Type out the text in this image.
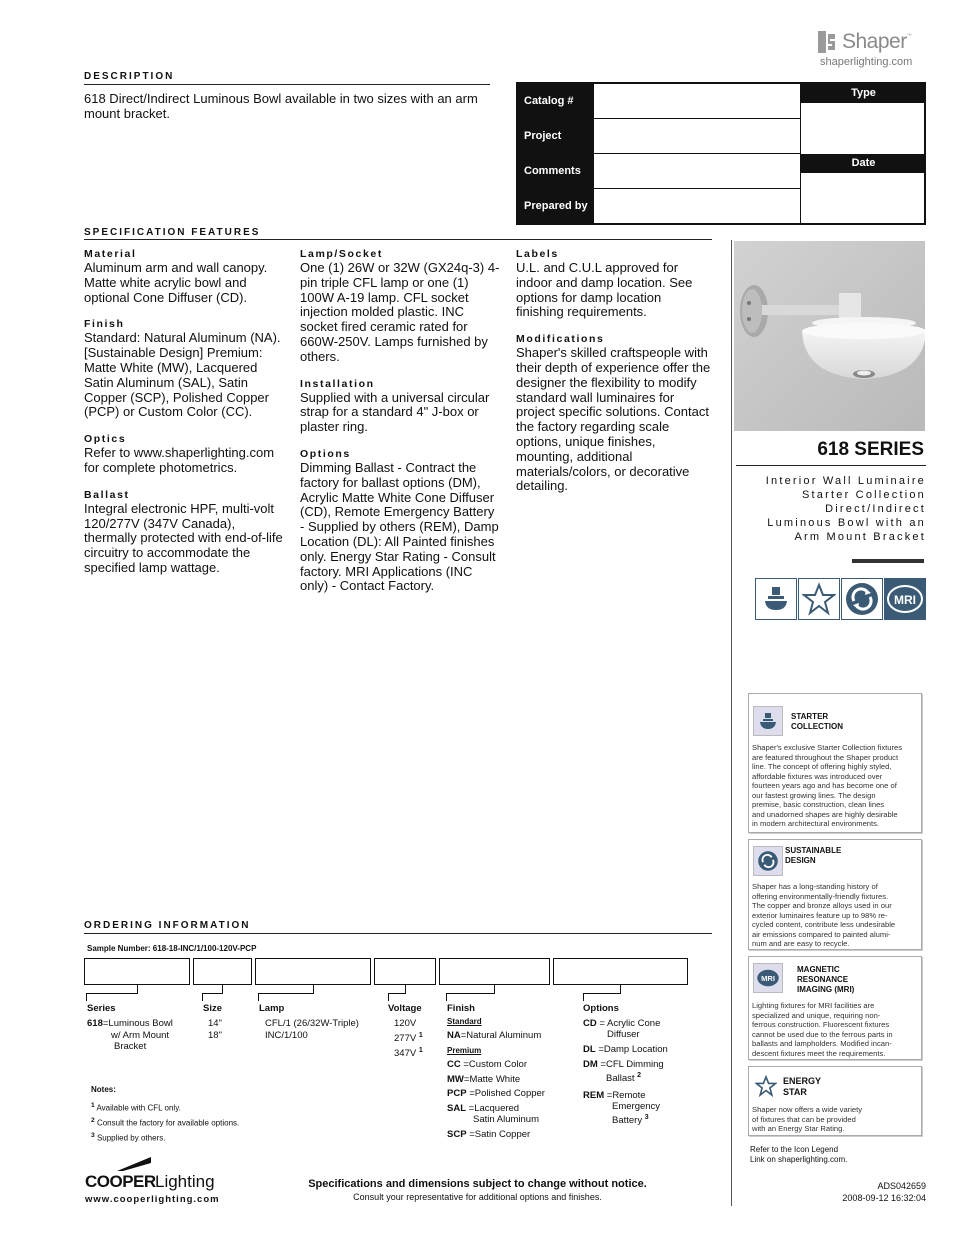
Shaper ™
shaperlighting.com
DESCRIPTION
618 Direct/Indirect Luminous Bowl available in two sizes with an arm mount bracket.
Catalog #
Project
Comments
Prepared by
Type
Date
SPECIFICATION FEATURES
Material
Aluminum arm and wall canopy. Matte white acrylic bowl and optional Cone Diffuser (CD).
Finish
Standard: Natural Aluminum (NA). [Sustainable Design] Premium: Matte White (MW), Lacquered Satin Aluminum (SAL), Satin Copper (SCP), Polished Copper (PCP) or Custom Color (CC).
Optics
Refer to www.shaperlighting.com for complete photometrics.
Ballast
Integral electronic HPF, multi-volt 120/277V (347V Canada), thermally protected with end-of-life circuitry to accommodate the specified lamp wattage.
Lamp/Socket
One (1) 26W or 32W (GX24q-3) 4-pin triple CFL lamp or one (1) 100W A-19 lamp. CFL socket injection molded plastic. INC socket fired ceramic rated for 660W-250V. Lamps furnished by others.
Installation
Supplied with a universal circular strap for a standard 4" J-box or plaster ring.
Options
Dimming Ballast - Contract the factory for ballast options (DM), Acrylic Matte White Cone Diffuser (CD), Remote Emergency Battery - Supplied by others (REM), Damp Location (DL): All Painted finishes only. Energy Star Rating - Consult factory. MRI Applications (INC only) - Contact Factory.
Labels
U.L. and C.U.L approved for indoor and damp location. See options for damp location finishing requirements.
Modifications
Shaper's skilled craftspeople with their depth of experience offer the designer the flexibility to modify standard wall luminaires for project specific solutions. Contact the factory regarding scale options, unique finishes, mounting, additional materials/colors, or decorative detailing.
618 SERIES
Interior Wall Luminaire
Starter Collection
Direct/Indirect
Luminous Bowl with an
Arm Mount Bracket
MRI
STARTER
COLLECTION
Shaper's exclusive Starter Collection fixtures
are featured throughout the Shaper product
line. The concept of offering highly styled,
affordable fixtures was introduced over
fourteen years ago and has become one of
our fastest growing lines. The design
premise, basic construction, clean lines
and unadorned shapes are highly desirable
in modern architectural environments.
SUSTAINABLE
DESIGN
Shaper has a long-standing history of
offering environmentally-friendly fixtures.
The copper and bronze alloys used in our
exterior luminaires feature up to 98% re-
cycled content, contribute less undesirable
air emissions compared to painted alumi-
num and are easy to recycle.
MRI
MAGNETIC
RESONANCE
IMAGING (MRI)
Lighting fixtures for MRI facilities are
specialized and unique, requiring non-
ferrous construction. Fluorescent fixtures
cannot be used due to the ferrous parts in
ballasts and lampholders. Modified incan-
descent fixtures meet the requirements.
ENERGY
STAR
Shaper now offers a wide variety
of fixtures that can be provided
with an Energy Star Rating.
Refer to the Icon Legend
Link on shaperlighting.com.
ORDERING INFORMATION
Sample Number: 618-18-INC/1/100-120V-PCP
Series
618=Luminous Bowl
w/ Arm Mount
Bracket
Size
14"
18"
Lamp
CFL/1 (26/32W-Triple)
INC/1/100
Voltage
120V
277V $^1$
347V $^1$
Finish
Standard
NA=Natural Aluminum
Premium
CC =Custom Color
MW=Matte White
PCP =Polished Copper
SAL =Lacquered
Satin Aluminum
SCP =Satin Copper
Options
CD = Acrylic Cone
Diffuser
DL =Damp Location
DM =CFL Dimming
Ballast $^2$
REM =Remote
Emergency
Battery $^3$
Notes:
$^1$ Available with CFL only.
$^2$ Consult the factory for available options.
$^3$ Supplied by others.
COOPER Lighting
www.cooperlighting.com
Specifications and dimensions subject to change without notice.
Consult your representative for additional options and finishes.
ADS042659
2008-09-12 16:32:04
